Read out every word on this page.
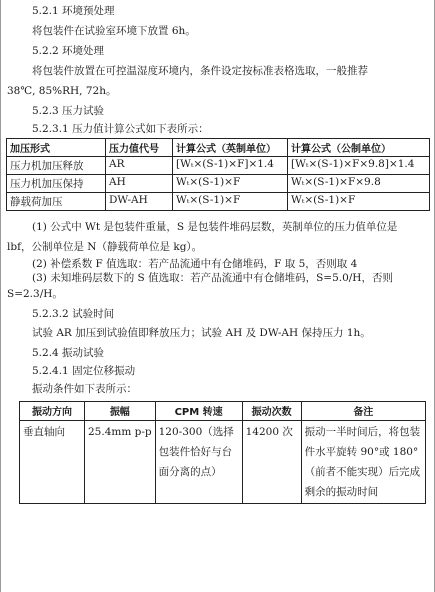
5.2.1 环境预处理
将包装件在试验室环境下放置 6h。
5.2.2 环境处理
将包装件放置在可控温湿度环境内，条件设定按标准表格选取，一般推荐
38℃, 85%RH, 72h。
5.2.3 压力试验
5.2.3.1 压力值计算公式如下表所示：
加压形式	压力值代号	计算公式（英制单位）	计算公式（公制单位）
压力机加压释放	AR	[Wₜ×(S-1)×F]×1.4	[Wₜ×(S-1)×F×9.8]×1.4
压力机加压保持	AH	Wₜ×(S-1)×F	Wₜ×(S-1)×F×9.8
静载荷加压	DW-AH	Wₜ×(S-1)×F	Wₜ×(S-1)×F
(1) 公式中 Wt 是包装件重量，S 是包装件堆码层数，英制单位的压力值单位是
lbf，公制单位是 N（静载荷单位是 kg）。
(2) 补偿系数 F 值选取：若产品流通中有仓储堆码，F 取 5，否则取 4
(3) 未知堆码层数下的 S 值选取：若产品流通中有仓储堆码，S=5.0/H，否则
S=2.3/H。
5.2.3.2 试验时间
试验 AR 加压到试验值即释放压力；试验 AH 及 DW-AH 保持压力 1h。
5.2.4 振动试验
5.2.4.1 固定位移振动
振动条件如下表所示：
振动方向	振幅	CPM 转速	振动次数	备注
垂直轴向	25.4mm p-p	120-300（选择包装件恰好与台面分离的点）	14200 次	振动一半时间后，将包装件水平旋转 90°或 180°（前者不能实现）后完成剩余的振动时间
